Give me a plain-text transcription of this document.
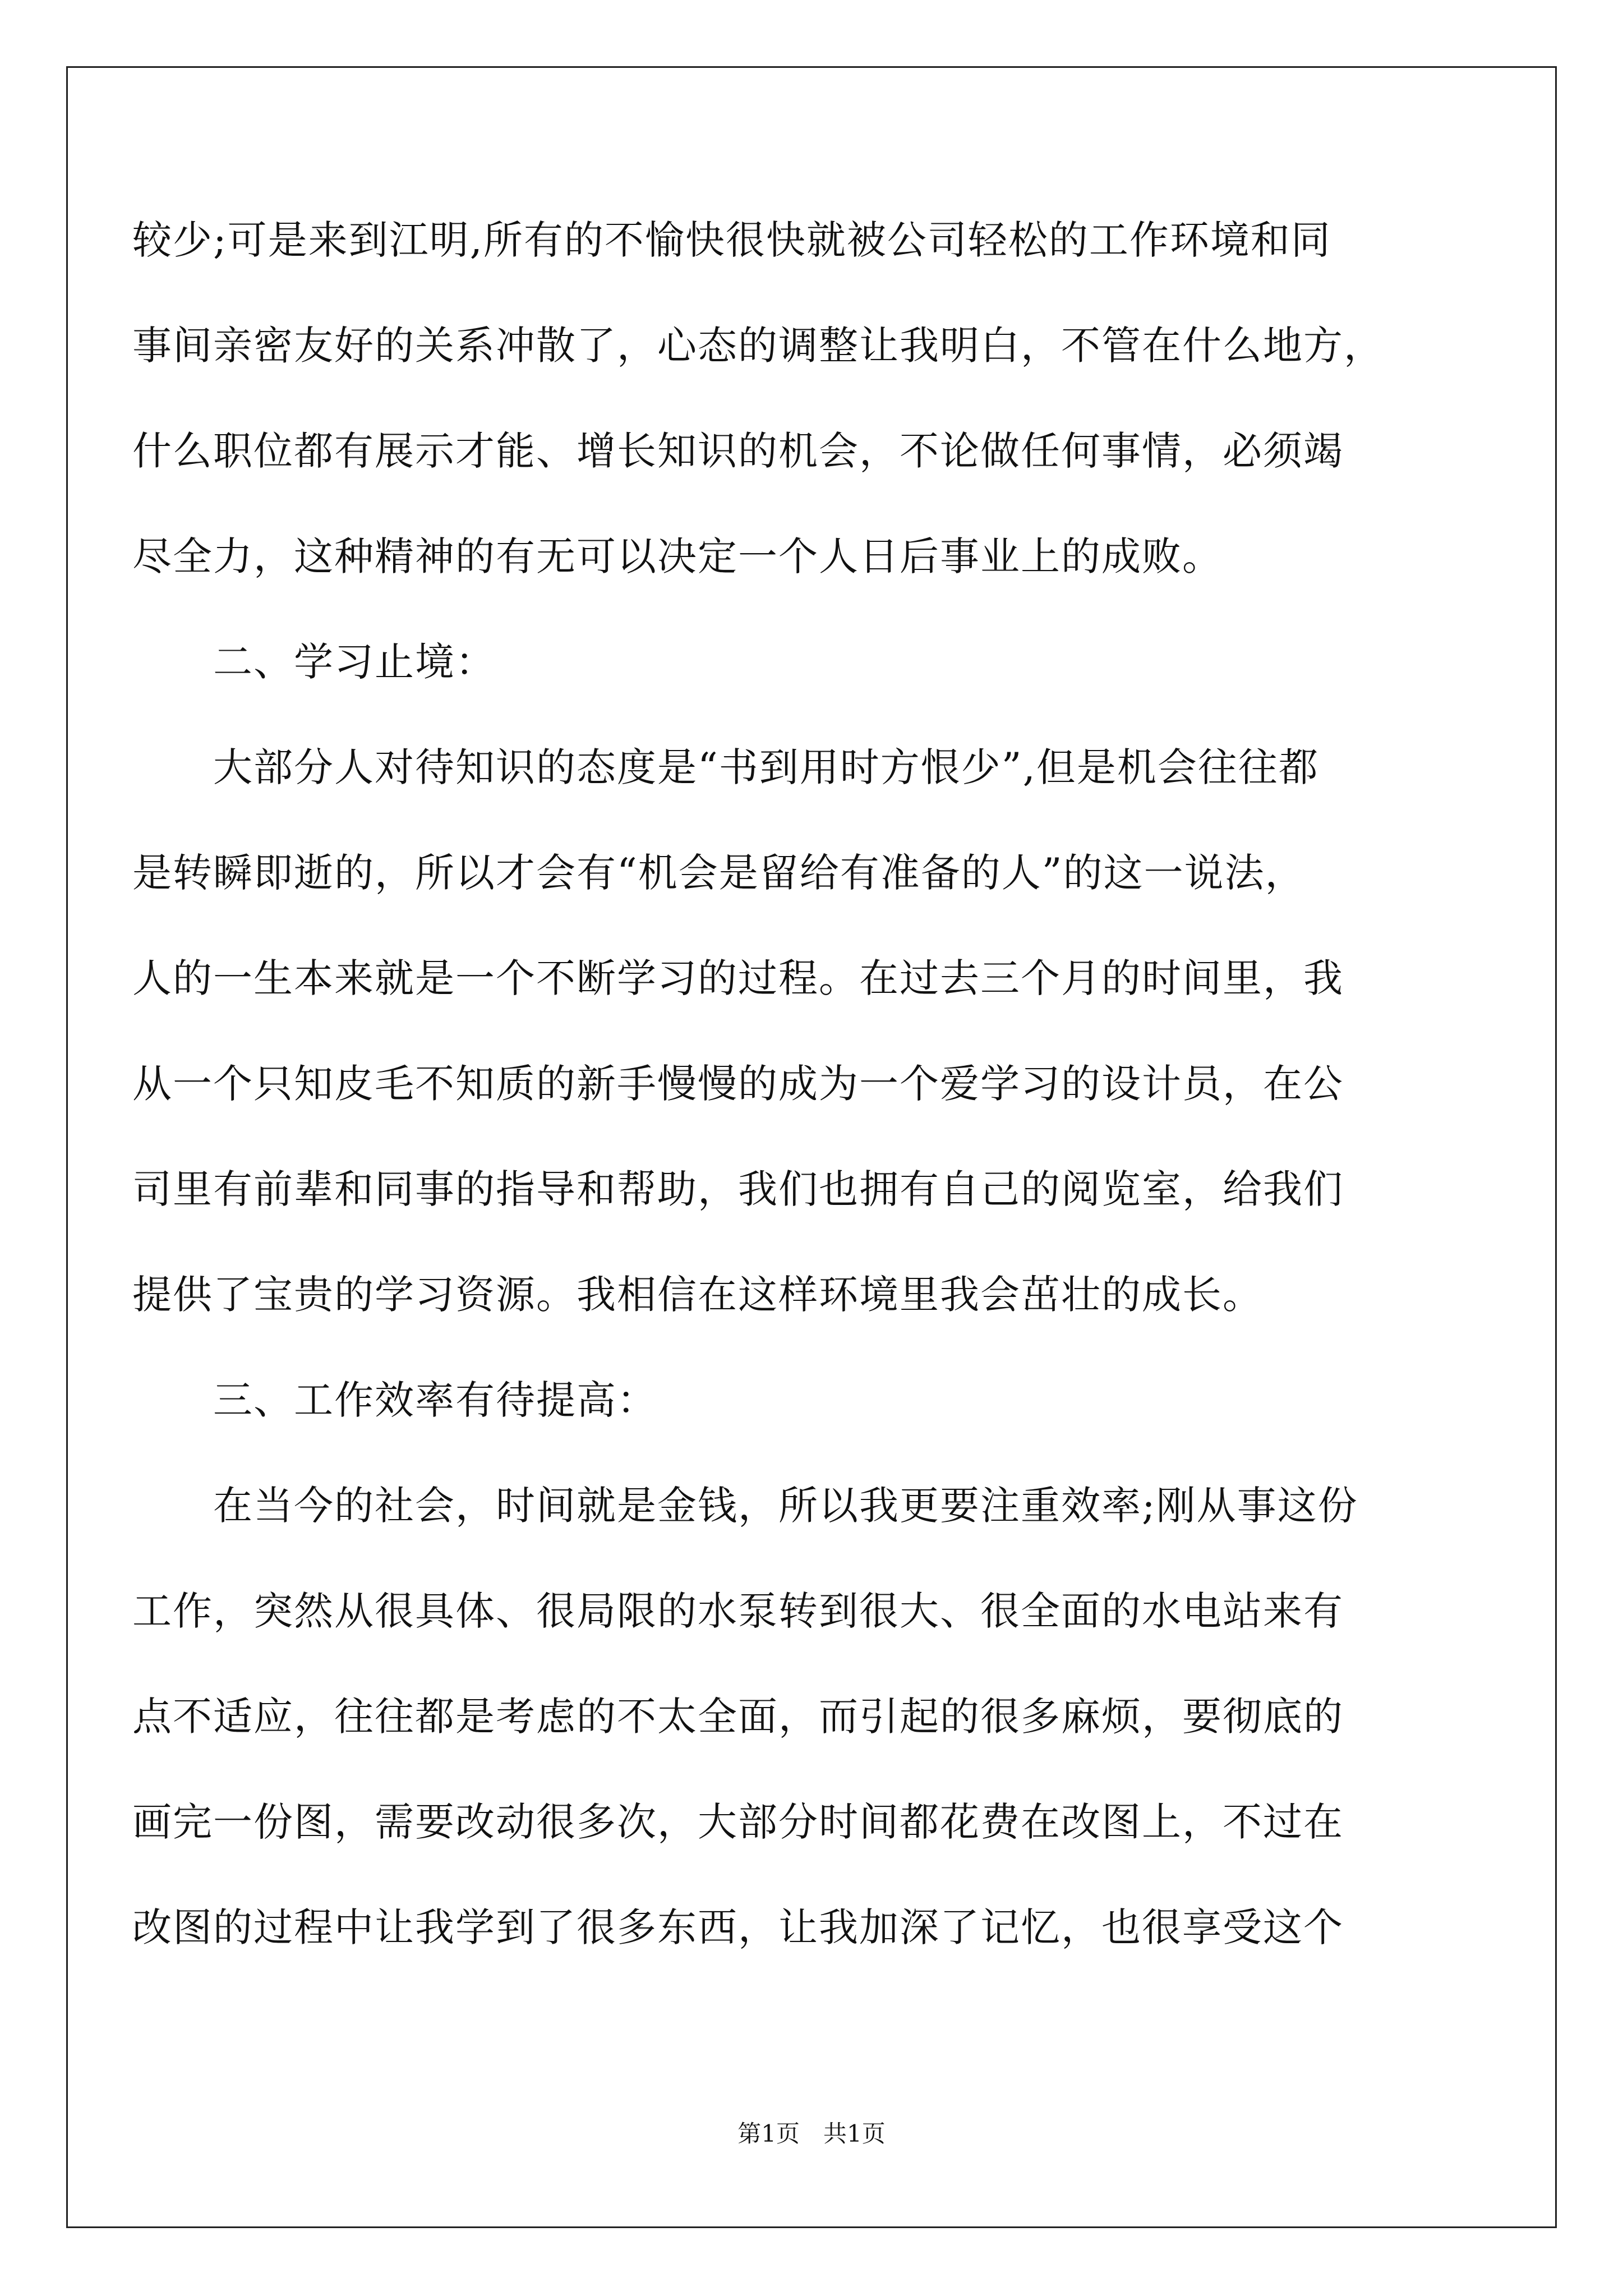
较少;可是来到江明,所有的不愉快很快就被公司轻松的工作环境和同
事间亲密友好的关系冲散了，心态的调整让我明白，不管在什么地方，
什么职位都有展示才能、增长知识的机会，不论做任何事情，必须竭
尽全力，这种精神的有无可以决定一个人日后事业上的成败。
　　二、学习止境：
　　大部分人对待知识的态度是“书到用时方恨少”,但是机会往往都
是转瞬即逝的，所以才会有“机会是留给有准备的人”的这一说法，
人的一生本来就是一个不断学习的过程。在过去三个月的时间里，我
从一个只知皮毛不知质的新手慢慢的成为一个爱学习的设计员，在公
司里有前辈和同事的指导和帮助，我们也拥有自己的阅览室，给我们
提供了宝贵的学习资源。我相信在这样环境里我会茁壮的成长。
　　三、工作效率有待提高：
　　在当今的社会，时间就是金钱，所以我更要注重效率;刚从事这份
工作，突然从很具体、很局限的水泵转到很大、很全面的水电站来有
点不适应，往往都是考虑的不太全面，而引起的很多麻烦，要彻底的
画完一份图，需要改动很多次，大部分时间都花费在改图上，不过在
改图的过程中让我学到了很多东西，让我加深了记忆，也很享受这个
第1页　共1页
